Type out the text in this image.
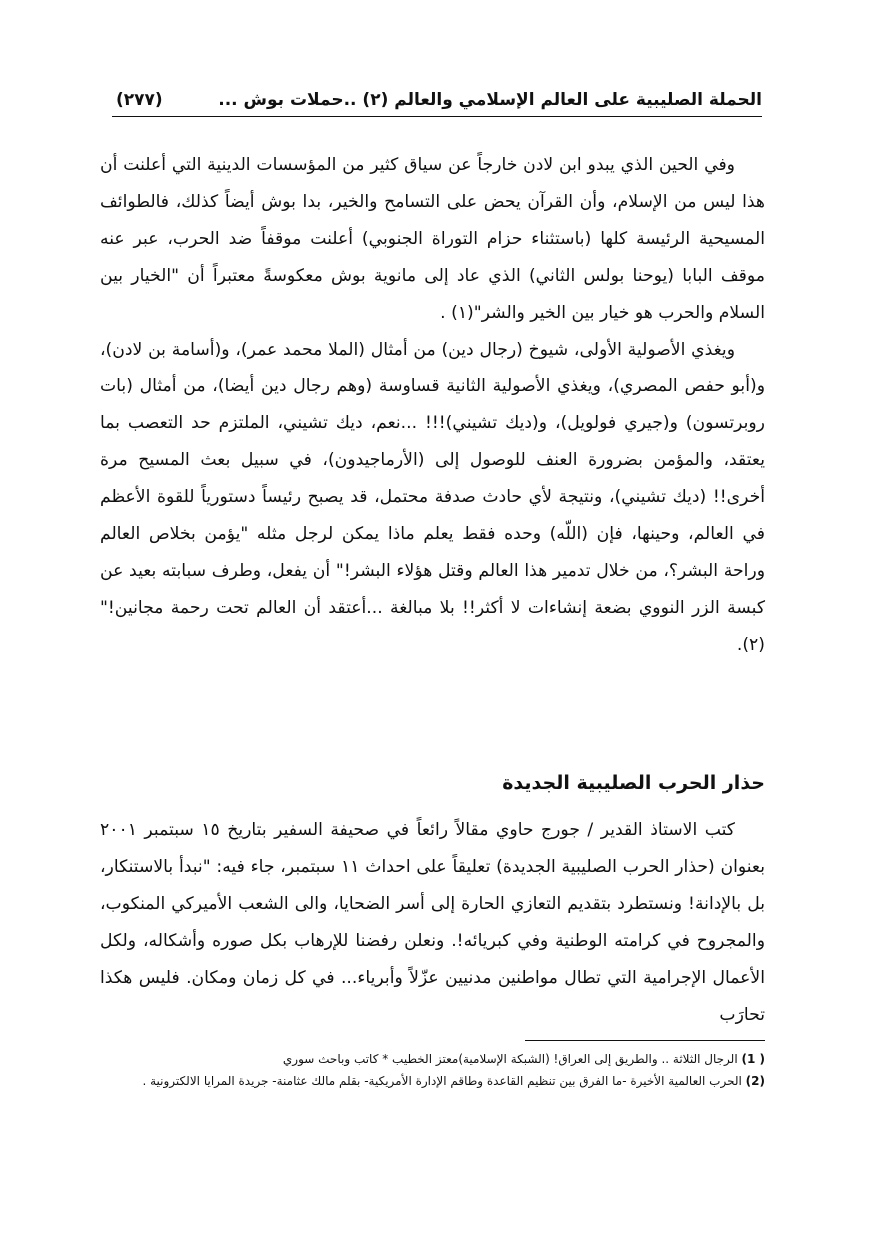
الحملة الصليبية على العالم الإسلامي والعالم (٢) ..حملات بوش ...
(٢٧٧)

وفي الحين الذي يبدو ابن لادن خارجاً عن سياق كثير من المؤسسات الدينية التي أعلنت أن هذا ليس من الإسلام، وأن القرآن يحض على التسامح والخير، بدا بوش أيضاً كذلك، فالطوائف المسيحية الرئيسة كلها (باستثناء حزام التوراة الجنوبي) أعلنت موقفاً ضد الحرب، عبر عنه موقف البابا (يوحنا بولس الثاني) الذي عاد إلى مانوية بوش معكوسةً معتبراً أن "الخيار بين السلام والحرب هو خيار بين الخير والشر"(١) .

ويغذي الأصولية الأولى، شيوخ (رجال دين) من أمثال (الملا محمد عمر)، و(أسامة بن لادن)، و(أبو حفص المصري)، ويغذي الأصولية الثانية قساوسة (وهم رجال دين أيضا)، من أمثال (بات روبرتسون) و(جيري فولويل)، و(ديك تشيني)!!! ...نعم، ديك تشيني، الملتزم حد التعصب بما يعتقد، والمؤمن بضرورة العنف للوصول إلى (الأرماجيدون)، في سبيل بعث المسيح مرة أخرى!! (ديك تشيني)، ونتيجة لأي حادث صدفة محتمل، قد يصبح رئيساً دستورياً للقوة الأعظم في العالم، وحينها، فإن (اللّه) وحده فقط يعلم ماذا يمكن لرجل مثله "يؤمن بخلاص العالم وراحة البشر؟، من خلال تدمير هذا العالم وقتل هؤلاء البشر!" أن يفعل، وطرف سبابته بعيد عن كبسة الزر النووي بضعة إنشاءات لا أكثر!! بلا مبالغة ...أعتقد أن العالم تحت رحمة مجانين!"(٢).

حذار الحرب الصليبية الجديدة

كتب الاستاذ القدير / جورج حاوي مقالاً رائعاً في صحيفة السفير بتاريخ ١٥ سبتمبر ٢٠٠١ بعنوان (حذار الحرب الصليبية الجديدة) تعليقاً على احداث ١١ سبتمبر، جاء فيه: "نبدأ بالاستنكار، بل بالإدانة! ونستطرد بتقديم التعازي الحارة إلى أسر الضحايا، والى الشعب الأميركي المنكوب، والمجروح في كرامته الوطنية وفي كبريائه!. ونعلن رفضنا للإرهاب بكل صوره وأشكاله، ولكل الأعمال الإجرامية التي تطال مواطنين مدنيين عزّلاً وأبرياء... في كل زمان ومكان. فليس هكذا تحارَب

( 1) الرجال الثلاثة .. والطريق إلى العراق! (الشبكة الإسلامية)معتز الخطيب * كاتب وباحث سوري

(2) الحرب العالمية الأخيرة -ما الفرق بين تنظيم القاعدة وطاقم الإدارة الأمريكية- بقلم مالك عثامنة- جريدة المرايا الالكترونية .
